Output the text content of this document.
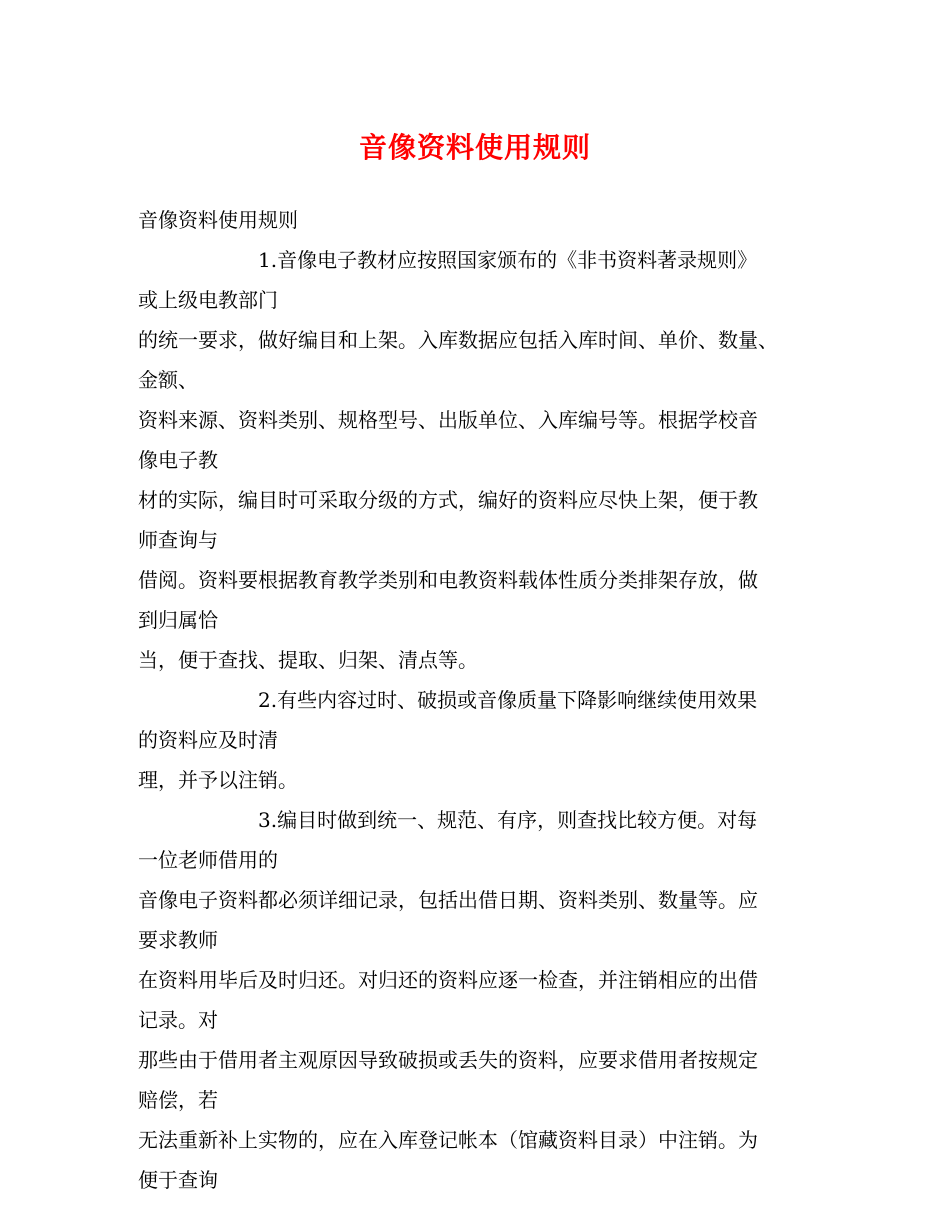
音像资料使用规则
音像资料使用规则
1.音像电子教材应按照国家颁布的《非书资料著录规则》
或上级电教部门
的统一要求，做好编目和上架。入库数据应包括入库时间、单价、数量、
金额、
资料来源、资料类别、规格型号、出版单位、入库编号等。根据学校音
像电子教
材的实际，编目时可采取分级的方式，编好的资料应尽快上架，便于教
师查询与
借阅。资料要根据教育教学类别和电教资料载体性质分类排架存放，做
到归属恰
当，便于查找、提取、归架、清点等。
2.有些内容过时、破损或音像质量下降影响继续使用效果
的资料应及时清
理，并予以注销。
3.编目时做到统一、规范、有序，则查找比较方便。对每
一位老师借用的
音像电子资料都必须详细记录，包括出借日期、资料类别、数量等。应
要求教师
在资料用毕后及时归还。对归还的资料应逐一检查，并注销相应的出借
记录。对
那些由于借用者主观原因导致破损或丢失的资料，应要求借用者按规定
赔偿，若
无法重新补上实物的，应在入库登记帐本（馆藏资料目录）中注销。为
便于查询
